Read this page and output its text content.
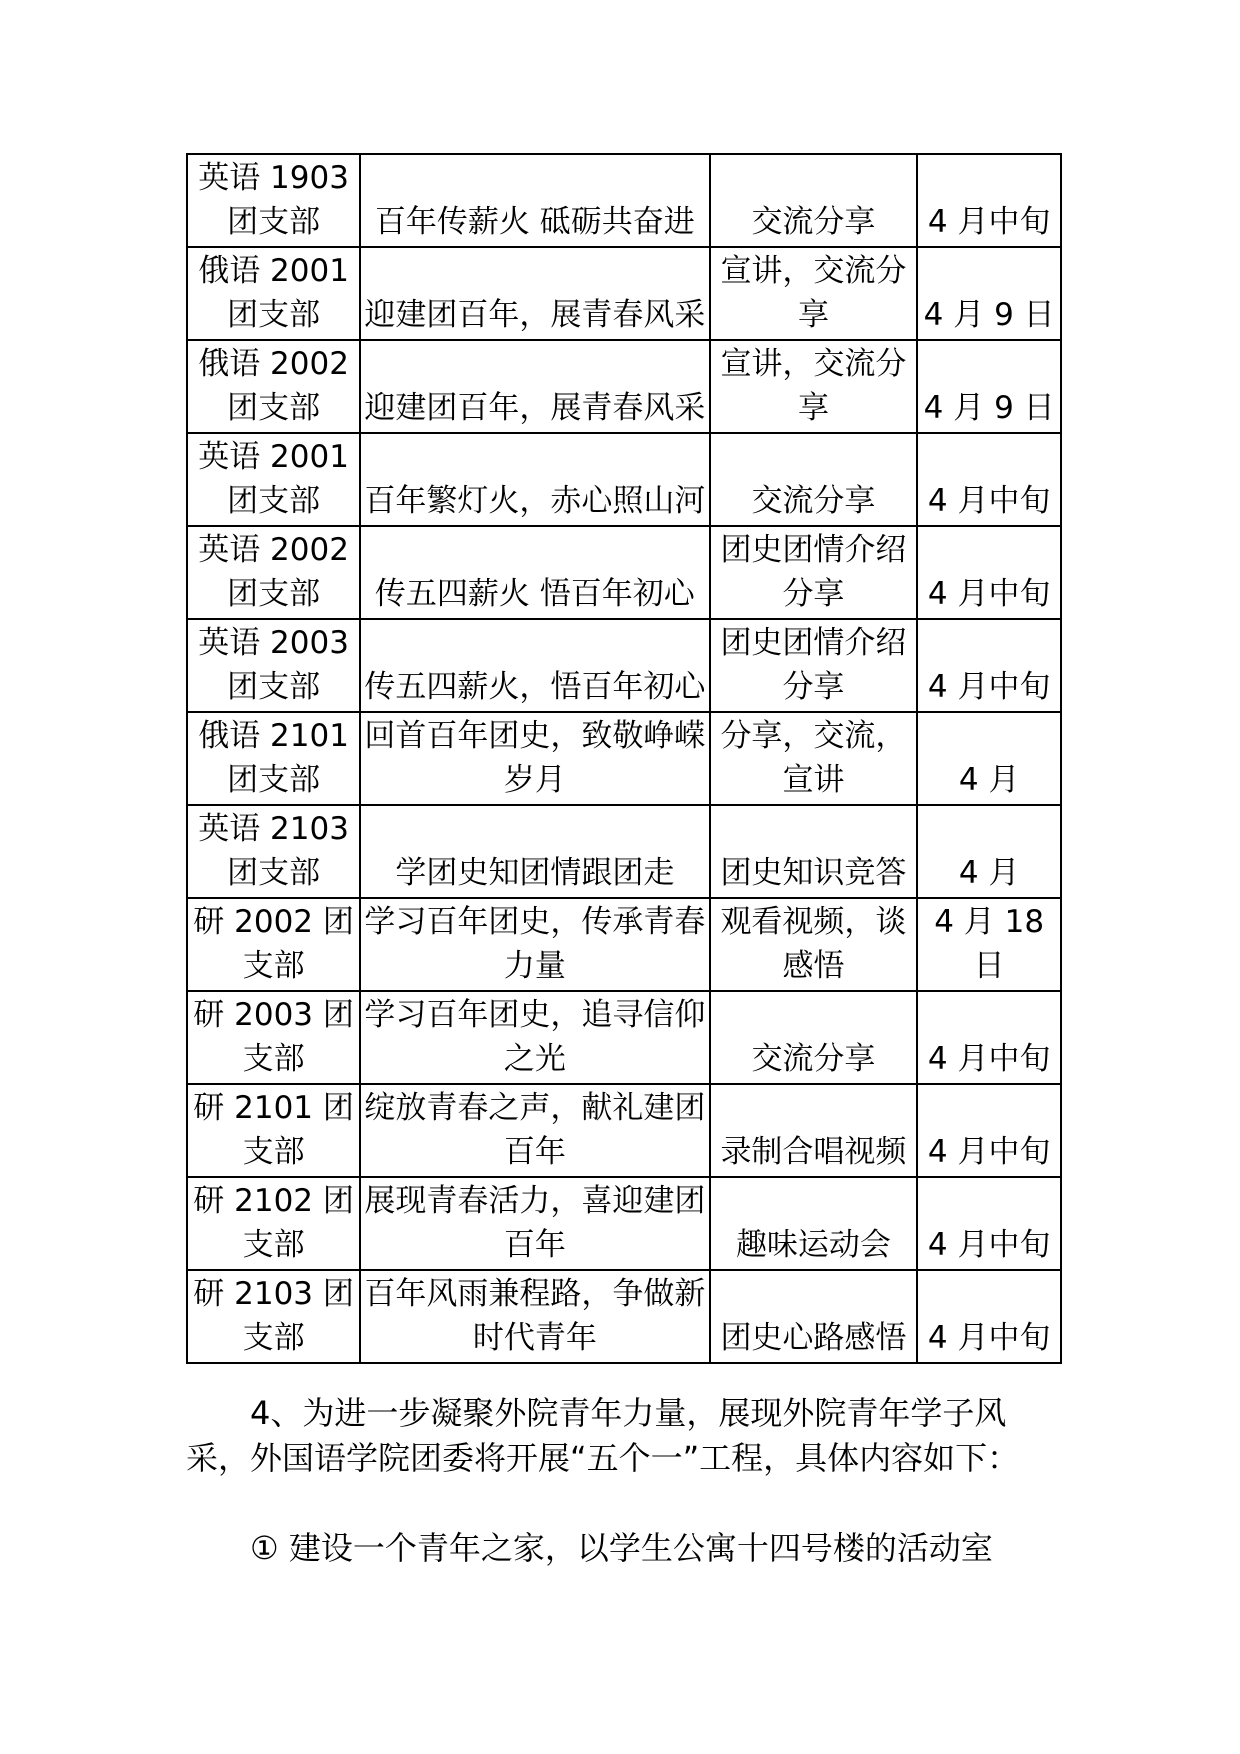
英语 1903 团支部	百年传薪火 砥砺共奋进	交流分享	4 月中旬

俄语 2001 团支部	迎建团百年，展青春风采	宣讲，交流分享	4 月 9 日

俄语 2002 团支部	迎建团百年，展青春风采	宣讲，交流分享	4 月 9 日

英语 2001 团支部	百年繁灯火，赤心照山河	交流分享	4 月中旬

英语 2002 团支部	传五四薪火 悟百年初心	团史团情介绍分享	4 月中旬

英语 2003 团支部	传五四薪火，悟百年初心	团史团情介绍分享	4 月中旬

俄语 2101 团支部	回首百年团史，致敬峥嵘岁月	分享，交流，宣讲	4 月

英语 2103 团支部	学团史知团情跟团走	团史知识竞答	4 月

研 2002 团支部	学习百年团史，传承青春力量	观看视频，谈感悟	4 月 18 日

研 2003 团支部	学习百年团史，追寻信仰之光	交流分享	4 月中旬

研 2101 团支部	绽放青春之声，献礼建团百年	录制合唱视频	4 月中旬

研 2102 团支部	展现青春活力，喜迎建团百年	趣味运动会	4 月中旬

研 2103 团支部	百年风雨兼程路，争做新时代青年	团史心路感悟	4 月中旬

4、为进一步凝聚外院青年力量，展现外院青年学子风采，外国语学院团委将开展“五个一”工程，具体内容如下：

① 建设一个青年之家，以学生公寓十四号楼的活动室
